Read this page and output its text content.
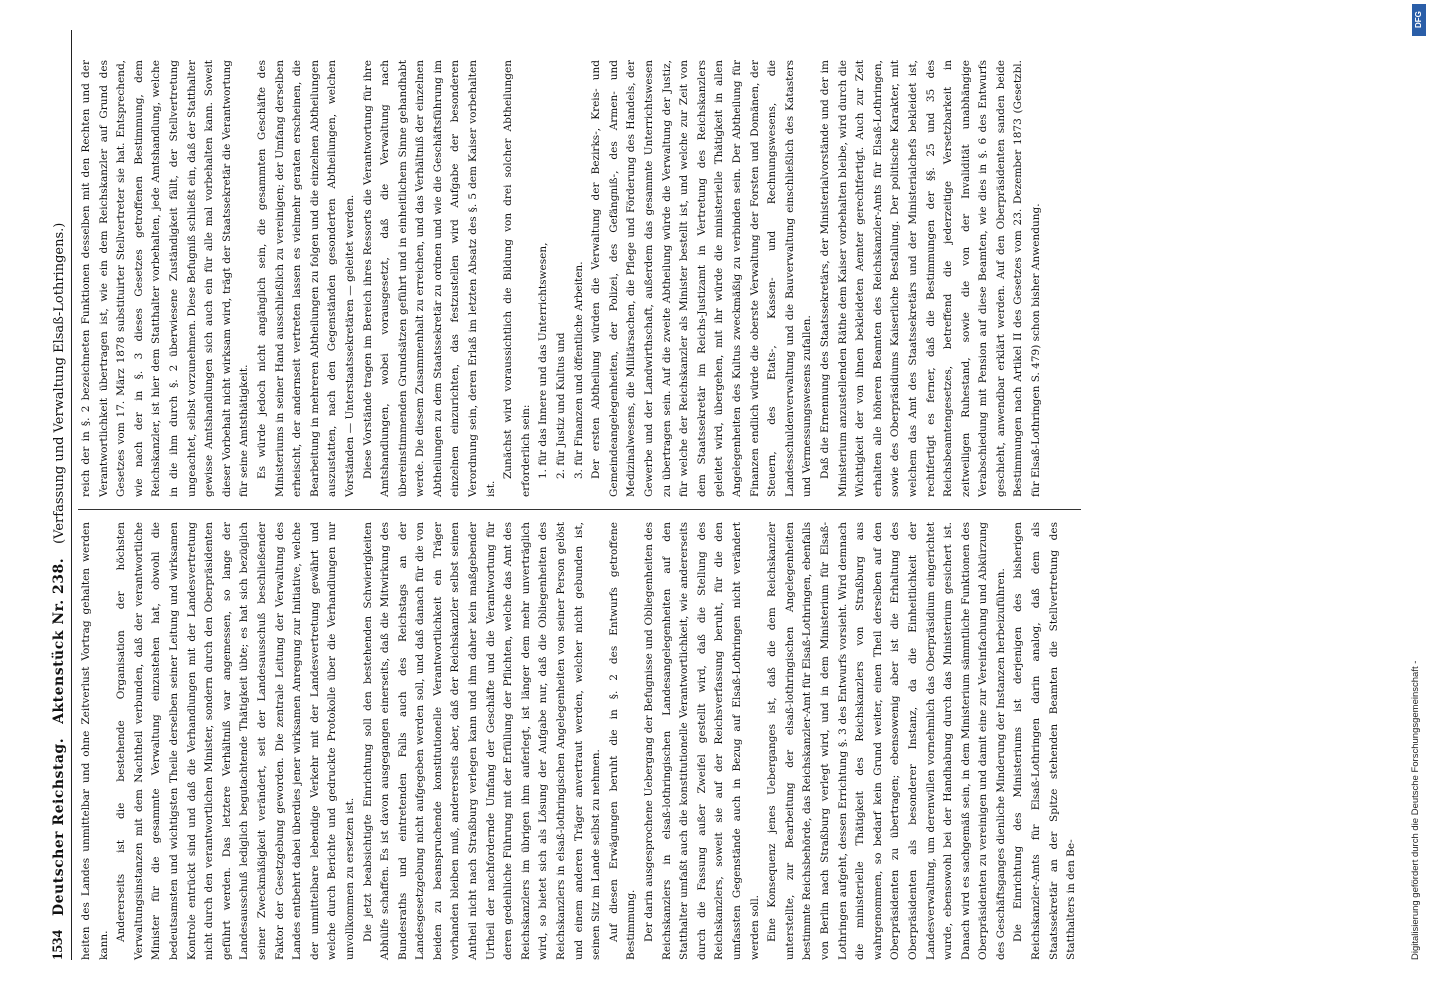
1534
Deutscher Reichstag.
Aktenstück Nr. 238.
(Verfassung und Verwaltung Elsaß-Lothringens.)

heiten des Landes unmittelbar und ohne Zeitverlust Vortrag gehalten werden kann.

Andererseits ist die bestehende Organisation der höchsten Verwaltungsinstanzen mit dem Nachtheil verbunden, daß der verantwortliche Minister für die gesammte Verwaltung einzustehen hat, obwohl die bedeutsamsten und wichtigsten Theile derselben seiner Leitung und wirksamen Kontrole entrückt sind und daß die Verhandlungen mit der Landesvertretung nicht durch den verantwortlichen Minister, sondern durch den Oberpräsidenten geführt werden. Das letztere Verhältniß war angemessen, so lange der Landesausschuß lediglich begutachtende Thätigkeit übte; es hat sich bezüglich seiner Zweckmäßigkeit verändert, seit der Landesausschuß beschließender Faktor der Gesetzgebung geworden. Die zentrale Leitung der Verwaltung des Landes entbehrt dabei überdies jener wirksamen Anregung zur Initiative, welche der unmittelbare lebendige Verkehr mit der Landesvertretung gewährt und welche durch Berichte und gedruckte Protokolle über die Verhandlungen nur unvollkommen zu ersetzen ist. Die jetzt beabsichtigte Einrichtung soll den bestehenden Schwierigkeiten Abhülfe schaffen. Es ist davon ausgegangen einerseits, daß die Mitwirkung des Bundesraths und eintretenden Falls auch des Reichstags an der Landesgesetzgebung nicht aufgegeben werden soll, und daß danach für die von beiden zu beanspruchende konstitutionelle Verantwortlichkeit ein Träger vorhanden bleiben muß, andererseits aber, daß der Reichskanzler selbst seinen Antheil nicht nach Straßburg verlegen kann und ihm daher kein maßgebender Urtheil der nachfordernde Umfang der Geschäfte und die Verantwortung für deren gedeihliche Führung mit der Erfüllung der Pflichten, welche das Amt des Reichskanzlers im übrigen ihm auferlegt, ist länger dem mehr unverträglich wird, so bietet sich als Lösung der Aufgabe nur, daß die Obliegenheiten des Reichskanzlers in elsaß-lothringischen Angelegenheiten von seiner Person gelöst und einem anderen Träger anvertraut werden, welcher nicht gebunden ist, seinen Sitz im Lande selbst zu nehmen. Auf diesen Erwägungen beruht die in §. 2 des Entwurfs getroffene Bestimmung. Der darin ausgesprochene Uebergang der Befugnisse und Obliegenheiten des Reichskanzlers in elsaß-lothringischen Landesangelegenheiten auf den Statthalter umfaßt auch die konstitutionelle Verantwortlichkeit, wie andererseits durch die Fassung außer Zweifel gestellt wird, daß die Stellung des Reichskanzlers, soweit sie auf der Reichsverfassung beruht, für die den umfassten Gegenstände auch in Bezug auf Elsaß-Lothringen nicht verändert werden soll. Eine Konsequenz jenes Ueberganges ist, daß die dem Reichskanzler unterstellte, zur Bearbeitung der elsaß-lothringischen Angelegenheiten bestimmte Reichsbehörde, das Reichskanzler-Amt für Elsaß-Lothringen, ebenfalls von Berlin nach Straßburg verlegt wird, und in dem Ministerium für Elsaß-Lothringen aufgeht, dessen Errichtung §. 3 des Entwurfs vorsieht. Wird demnach die ministerielle Thätigkeit des Reichskanzlers von Straßburg aus wahrgenommen, so bedarf kein Grund weiter, einen Theil derselben auf den Oberpräsidenten zu übertragen; ebensowenig aber ist die Erhaltung des Oberpräsidenten als besonderer Instanz, da die Einheitlichkeit der Landesverwaltung, um derenwillen vornehmlich das Oberpräsidium eingerichtet wurde, ebensowohl bei der Handhabung durch das Ministerium gesichert ist. Danach wird es sachgemäß sein, in dem Ministerium sämmtliche Funktionen des Oberpräsidenten zu vereinigen und damit eine zur Vereinfachung und Abkürzung des Geschäftsganges dienliche Minderung der Instanzen herbeizuführen. Die Einrichtung des Ministeriums ist derjenigen des bisherigen Reichskanzler-Amts für Elsaß-Lothringen darin analog, daß dem als Staatssekretär an der Spitze stehenden Beamten die Stellvertretung des Statthalters in den Be-

reich der in §. 2 bezeichneten Funktionen desselben mit den Rechten und der Verantwortlichkeit übertragen ist, wie ein dem Reichskanzler auf Grund des Gesetzes vom 17. März 1878 substituirter Stellvertreter sie hat. Entsprechend, wie nach der in §. 3 dieses Gesetzes getroffenen Bestimmung, dem Reichskanzler, ist hier dem Statthalter vorbehalten, jede Amtshandlung, welche in die ihm durch §. 2 überwiesene Zuständigkeit fällt, der Stellvertretung ungeachtet, selbst vorzunehmen. Diese Befugniß schließt ein, daß der Statthalter gewisse Amtshandlungen sich auch ein für alle mal vorbehalten kann. Soweit dieser Vorbehalt nicht wirksam wird, trägt der Staatssekretär die Verantwortung für seine Amtsthätigkeit. Es würde jedoch nicht angänglich sein, die gesammten Geschäfte des Ministeriums in seiner Hand ausschließlich zu vereinigen; der Umfang derselben erheischt, der andernseit vertreten lassen es vielmehr geraten erscheinen, die Bearbeitung in mehreren Abtheilungen zu folgen und die einzelnen Abtheilungen auszustatten, nach den Gegenständen gesonderten Abtheilungen, welchen Vorständen — Unterstaatssekretären — geleitet werden. Diese Vorstände tragen im Bereich ihres Ressorts die Verantwortung für ihre Amtshandlungen, wobei vorausgesetzt, daß die Verwaltung nach übereinstimmenden Grundsätzen geführt und in einheitlichem Sinne gehandhabt werde. Die diesem Zusammenhalt zu erreichen, und das Verhältniß der einzelnen Abtheilungen zu dem Staatssekretär zu ordnen und wie die Geschäftsführung im einzelnen einzurichten, das festzustellen wird Aufgabe der besonderen Verordnung sein, deren Erlaß im letzten Absatz des §. 5 dem Kaiser vorbehalten ist.

Zunächst wird voraussichtlich die Bildung von drei solcher Abtheilungen erforderlich sein: 1. für das Innere und das Unterrichtswesen, 2. für Justiz und Kultus und 3. für Finanzen und öffentliche Arbeiten. Der ersten Abtheilung würden die Verwaltung der Bezirks-, Kreis- und Gemeindeangelegenheiten, der Polizei, des Gefängniß-, des Armen- und Medizinalwesens, die Militärsachen, die Pflege und Förderung des Handels, der Gewerbe und der Landwirthschaft, außerdem das gesammte Unterrichtswesen zu übertragen sein. Auf die zweite Abtheilung würde die Verwaltung der Justiz, für welche der Reichskanzler als Minister bestellt ist, und welche zur Zeit von dem Staatssekretär im Reichs-Justizamt in Vertretung des Reichskanzlers geleitet wird, übergehen, mit ihr würde die ministerielle Thätigkeit in allen Angelegenheiten des Kultus zweckmäßig zu verbinden sein. Der Abtheilung für Finanzen endlich würde die oberste Verwaltung der Forsten und Domänen, der Steuern, des Etats-, Kassen- und Rechnungswesens, die Landesschuldenverwaltung und die Bauverwaltung einschließlich des Katasters und Vermessungswesens zufallen. Daß die Ernennung des Staatssekretärs, der Ministerialvorstände und der im Ministerium anzustellenden Räthe dem Kaiser vorbehalten bleibe, wird durch die Wichtigkeit der von ihnen bekleideten Aemter gerechtfertigt. Auch zur Zeit erhalten alle höheren Beamten des Reichskanzler-Amts für Elsaß-Lothringen, sowie des Oberpräsidiums Kaiserliche Bestallung. Der politische Karakter, mit welchem das Amt des Staatssekretärs und der Ministerialchefs bekleidet ist, rechtfertigt es ferner, daß die Bestimmungen der §§. 25 und 35 des Reichsbeamtengesetzes, betreffend die jederzeitige Versetzbarkeit in zeitweiligen Ruhestand, sowie die von der Invalidität unabhängige Verabschiedung mit Pension auf diese Beamten, wie dies in §. 6 des Entwurfs geschieht, anwendbar erklärt werden. Auf den Oberpräsidenten sanden beide Bestimmungen nach Artikel II des Gesetzes vom 23. Dezember 1873 (Gesetzbl. für Elsaß-Lothringen S. 479) schon bisher Anwendung.

Digitalisierung gefördert durch die Deutsche Forschungsgemeinschaft -
DFG
